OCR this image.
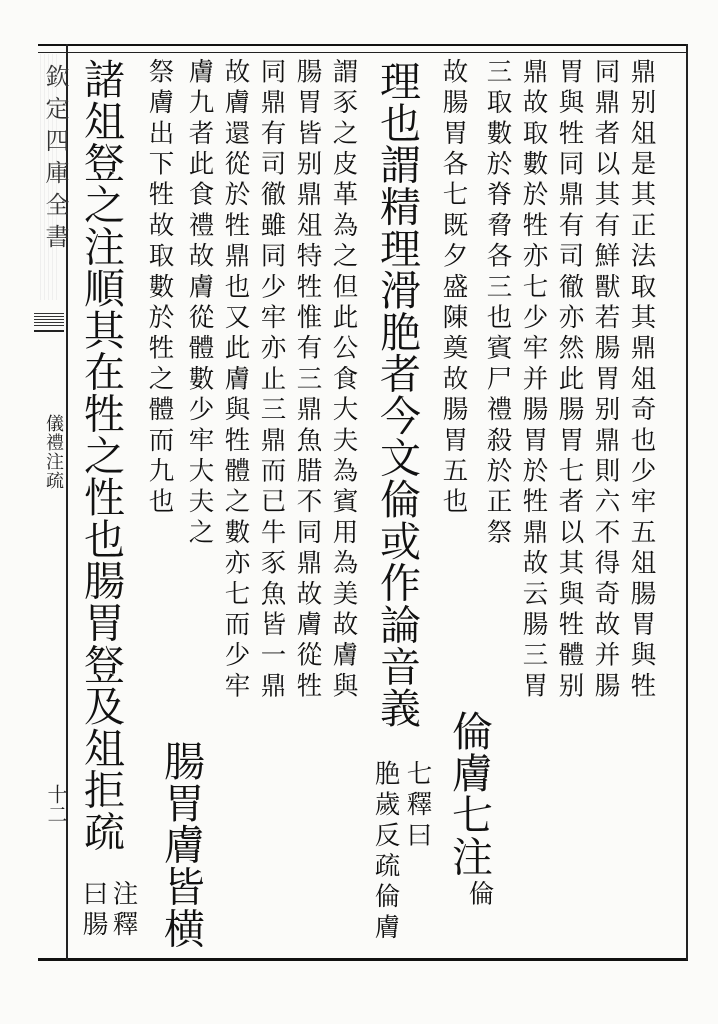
欽定四庫全書
儀禮注疏
十二
鼎别俎是其正法取其鼎俎奇也少牢五俎腸胃與牲
同鼎者以其有鮮獸若腸胃别鼎則六不得奇故并腸
胃與牲同鼎有司徹亦然此腸胃七者以其與牲體别
鼎故取數於牲亦七少牢并腸胃於牲鼎故云腸三胃
三取數於脊脅各三也賓尸禮殺於正祭
倫膚七注
倫
故腸胃各七既夕盛陳奠故腸胃五也
理也謂精理滑脃者今文倫或作論音義
七釋曰
脃歲反疏倫膚
謂豕之皮革為之但此公食大夫為賓用為美故膚與
腸胃皆别鼎俎特牲惟有三鼎魚腊不同鼎故膚從牲
同鼎有司徹雖同少牢亦止三鼎而已牛豕魚皆一鼎
故膚還從於牲鼎也又此膚與牲體之數亦七而少牢
膚九者此食禮故膚從體數少牢大夫之
腸胃膚皆横
祭膚出下牲故取數於牲之體而九也
諸俎豋之注順其在牲之性也腸胃豋及俎拒疏
注釋
曰腸
